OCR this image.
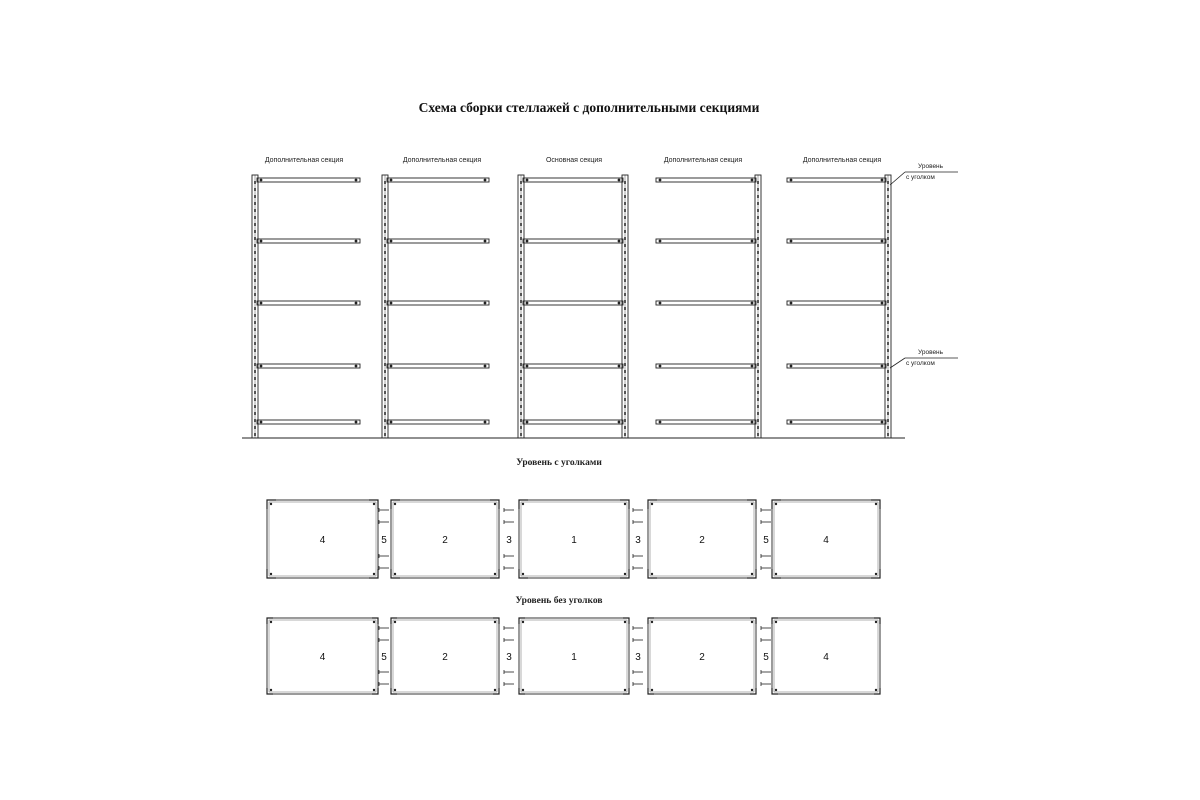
Схема сборки стеллажей с дополнительными секциями
Дополнительная секция	Дополнительная секция	Основная секция	Дополнительная секция	Дополнительная секция
Уровень
с уголком
Уровень
с уголком
Уровень с уголками
Уровень без уголков
4	2	1	2	4
5	3	3	5
4	2	1	2	4
5	3	3	5
